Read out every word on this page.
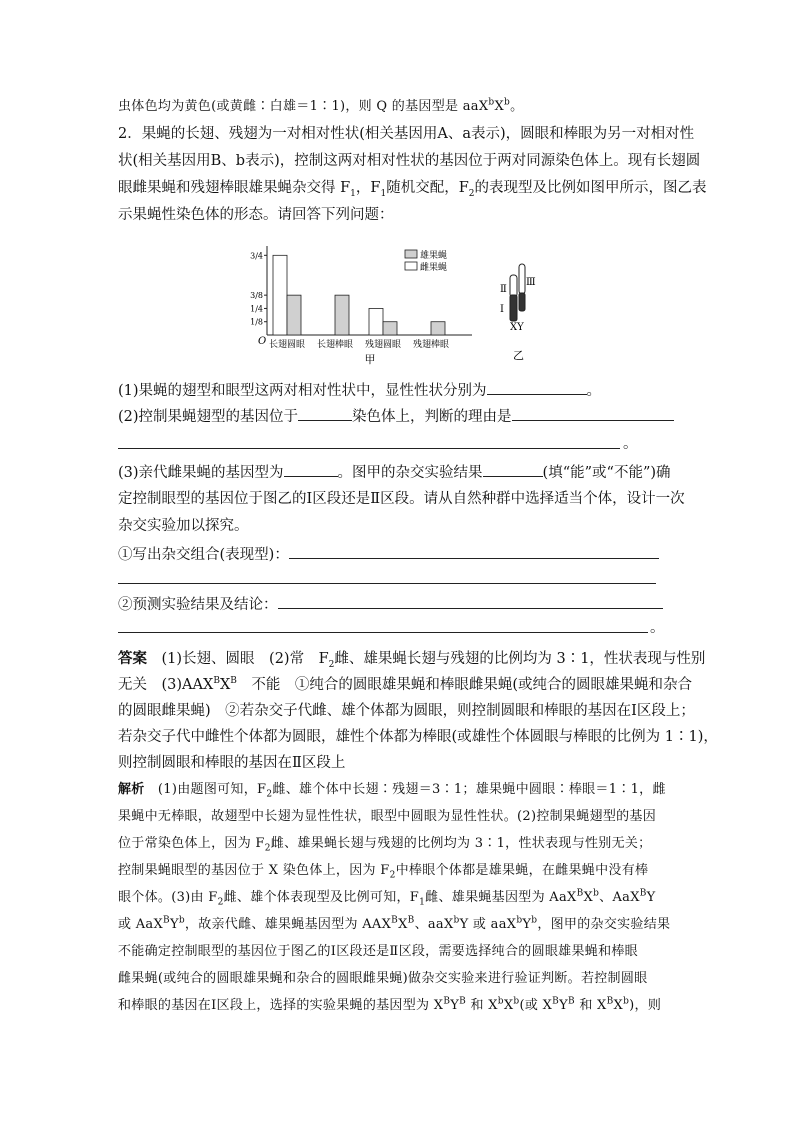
虫体色均为黄色(或黄雌∶白雄＝1∶1)，则 Q 的基因型是 $aaX^bX^b$。
2．果蝇的长翅、残翅为一对相对性状(相关基因用A、a表示)，圆眼和棒眼为另一对相对性
状(相关基因用B、b表示)，控制这两对相对性状的基因位于两对同源染色体上。现有长翅圆
眼雌果蝇和残翅棒眼雄果蝇杂交得 $F_1$，$F_1$随机交配，$F_2$的表现型及比例如图甲所示，图乙表
示果蝇性染色体的形态。请回答下列问题：
O
3/4
3/8
1/4
1/8
长翅圆眼 长翅棒眼 残翅圆眼 残翅棒眼
雄果蝇
雌果蝇
甲
Ⅱ
Ⅰ
Ⅲ
XY
乙
(1)果蝇的翅型和眼型这两对相对性状中，显性性状分别为	。
(2)控制果蝇翅型的基因位于	染色体上，判断的理由是
。
(3)亲代雌果蝇的基因型为	。图甲的杂交实验结果	(填“能”或“不能”)确
定控制眼型的基因位于图乙的Ⅰ区段还是Ⅱ区段。请从自然种群中选择适当个体，设计一次
杂交实验加以探究。
①写出杂交组合(表现型)：
②预测实验结果及结论：
。
答案　 (1)长翅、圆眼　(2)常　$F_2$雌、雄果蝇长翅与残翅的比例均为 3∶1，性状表现与性别
无关　$(3)AAX^BX^B$　不能　①纯合的圆眼雄果蝇和棒眼雌果蝇(或纯合的圆眼雄果蝇和杂合
的圆眼雌果蝇)　②若杂交子代雌、雄个体都为圆眼，则控制圆眼和棒眼的基因在Ⅰ区段上；
若杂交子代中雌性个体都为圆眼，雄性个体都为棒眼(或雄性个体圆眼与棒眼的比例为 1∶1)，
则控制圆眼和棒眼的基因在Ⅱ区段上
解析　 (1)由题图可知，$F_2$雌、雄个体中长翅∶残翅＝3∶1；雄果蝇中圆眼∶棒眼＝1∶1，雌
果蝇中无棒眼，故翅型中长翅为显性性状，眼型中圆眼为显性性状。(2)控制果蝇翅型的基因
位于常染色体上，因为 $F_2$雌、雄果蝇长翅与残翅的比例均为 3∶1，性状表现与性别无关；
控制果蝇眼型的基因位于 X 染色体上，因为 $F_2$中棒眼个体都是雄果蝇，在雌果蝇中没有棒
眼个体。(3)由 $F_2$雌、雄个体表现型及比例可知，$F_1$雌、雄果蝇基因型为 $AaX^BX^b$、AaX$^B$Y
或 $AaX^BY^b$，故亲代雌、雄果蝇基因型为 $AAX^BX^B$、aaX$^b$Y 或 $aaX^bY^b$，图甲的杂交实验结果
不能确定控制眼型的基因位于图乙的Ⅰ区段还是Ⅱ区段，需要选择纯合的圆眼雄果蝇和棒眼
雌果蝇(或纯合的圆眼雄果蝇和杂合的圆眼雌果蝇)做杂交实验来进行验证判断。若控制圆眼
和棒眼的基因在Ⅰ区段上，选择的实验果蝇的基因型为 $X^BY^B$ 和 $X^bX^b$(或 $X^BY^B$ 和 $X^BX^b$)，则
